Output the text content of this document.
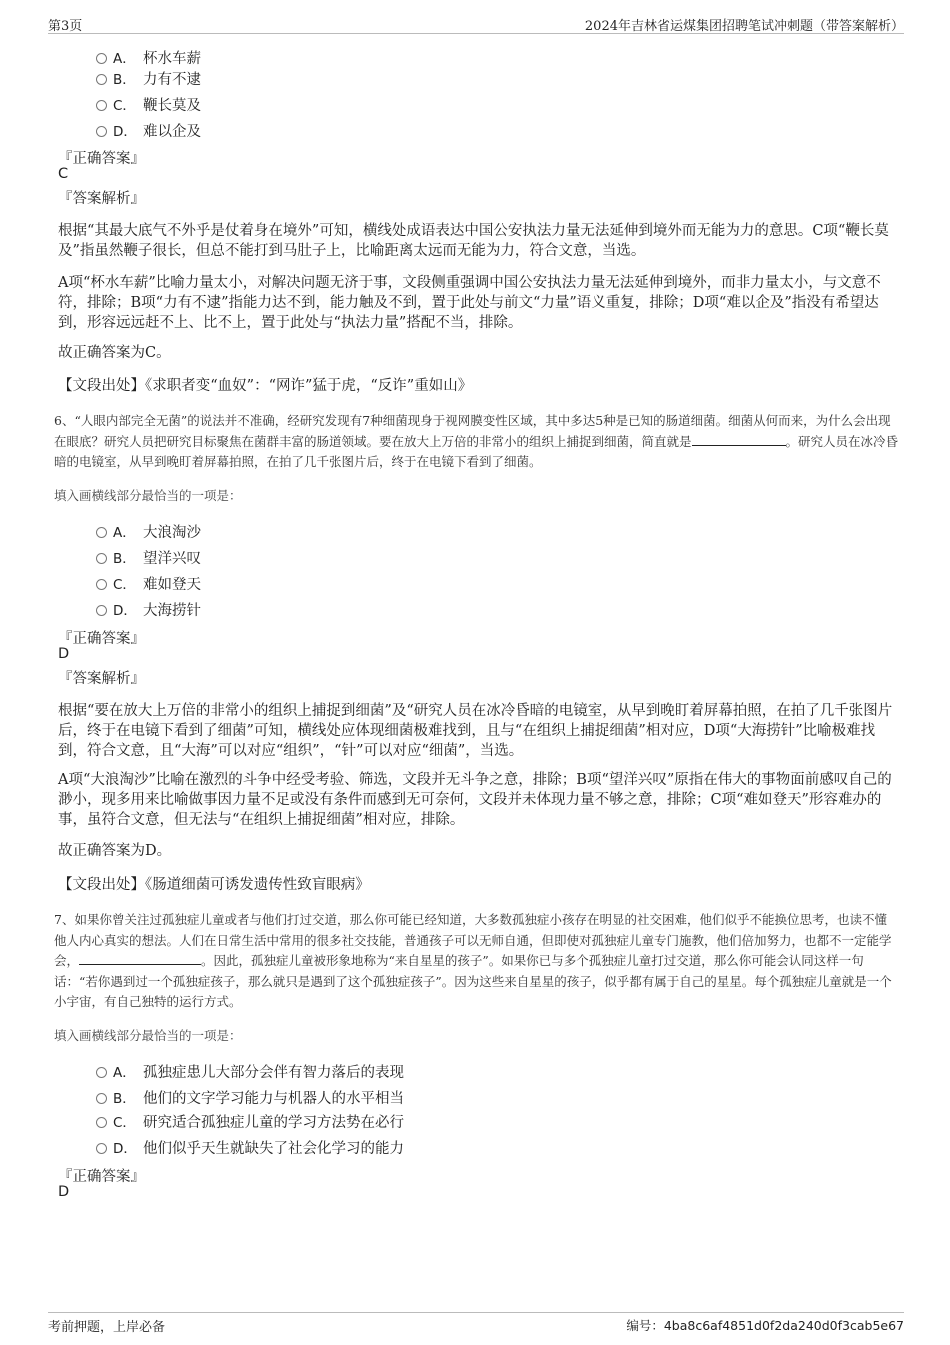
第3页	2024年吉林省运煤集团招聘笔试冲刺题（带答案解析）
A． 杯水车薪
B． 力有不逮
C． 鞭长莫及
D． 难以企及
『正确答案』
C
『答案解析』
根据“其最大底气不外乎是仗着身在境外”可知，横线处成语表达中国公安执法力量无法延伸到境外而无能为力的意思。C项“鞭长莫及”指虽然鞭子很长，但总不能打到马肚子上，比喻距离太远而无能为力，符合文意，当选。
A项“杯水车薪”比喻力量太小，对解决问题无济于事，文段侧重强调中国公安执法力量无法延伸到境外，而非力量太小，与文意不符，排除；B项“力有不逮”指能力达不到，能力触及不到，置于此处与前文“力量”语义重复，排除；D项“难以企及”指没有希望达到，形容远远赶不上、比不上，置于此处与“执法力量”搭配不当，排除。
故正确答案为C。
【文段出处】《求职者变“血奴”：“网诈”猛于虎，“反诈”重如山》
6、“人眼内部完全无菌”的说法并不准确，经研究发现有7种细菌现身于视网膜变性区域，其中多达5种是已知的肠道细菌。细菌从何而来，为什么会出现在眼底？研究人员把研究目标聚焦在菌群丰富的肠道领域。要在放大上万倍的非常小的组织上捕捉到细菌，简直就是	。研究人员在冰冷昏暗的电镜室，从早到晚盯着屏幕拍照，在拍了几千张图片后，终于在电镜下看到了细菌。
填入画横线部分最恰当的一项是：
A． 大浪淘沙
B． 望洋兴叹
C． 难如登天
D． 大海捞针
『正确答案』
D
『答案解析』
根据“要在放大上万倍的非常小的组织上捕捉到细菌”及“研究人员在冰冷昏暗的电镜室，从早到晚盯着屏幕拍照，在拍了几千张图片后，终于在电镜下看到了细菌”可知，横线处应体现细菌极难找到，且与“在组织上捕捉细菌”相对应，D项“大海捞针”比喻极难找到，符合文意，且“大海”可以对应“组织”，“针”可以对应“细菌”，当选。
A项“大浪淘沙”比喻在激烈的斗争中经受考验、筛选，文段并无斗争之意，排除；B项“望洋兴叹”原指在伟大的事物面前感叹自己的渺小，现多用来比喻做事因力量不足或没有条件而感到无可奈何，文段并未体现力量不够之意，排除；C项“难如登天”形容难办的事，虽符合文意，但无法与“在组织上捕捉细菌”相对应，排除。
故正确答案为D。
【文段出处】《肠道细菌可诱发遗传性致盲眼病》
7、如果你曾关注过孤独症儿童或者与他们打过交道，那么你可能已经知道，大多数孤独症小孩存在明显的社交困难，他们似乎不能换位思考，也读不懂他人内心真实的想法。人们在日常生活中常用的很多社交技能，普通孩子可以无师自通，但即使对孤独症儿童专门施教，他们倍加努力，也都不一定能学会，	。因此，孤独症儿童被形象地称为“来自星星的孩子”。如果你已与多个孤独症儿童打过交道，那么你可能会认同这样一句话：“若你遇到过一个孤独症孩子，那么就只是遇到了这个孤独症孩子”。因为这些来自星星的孩子，似乎都有属于自己的星星。每个孤独症儿童就是一个小宇宙，有自己独特的运行方式。
填入画横线部分最恰当的一项是：
A． 孤独症患儿大部分会伴有智力落后的表现
B． 他们的文字学习能力与机器人的水平相当
C． 研究适合孤独症儿童的学习方法势在必行
D． 他们似乎天生就缺失了社会化学习的能力
『正确答案』
D
考前押题，上岸必备	编号：4ba8c6af4851d0f2da240d0f3cab5e67
